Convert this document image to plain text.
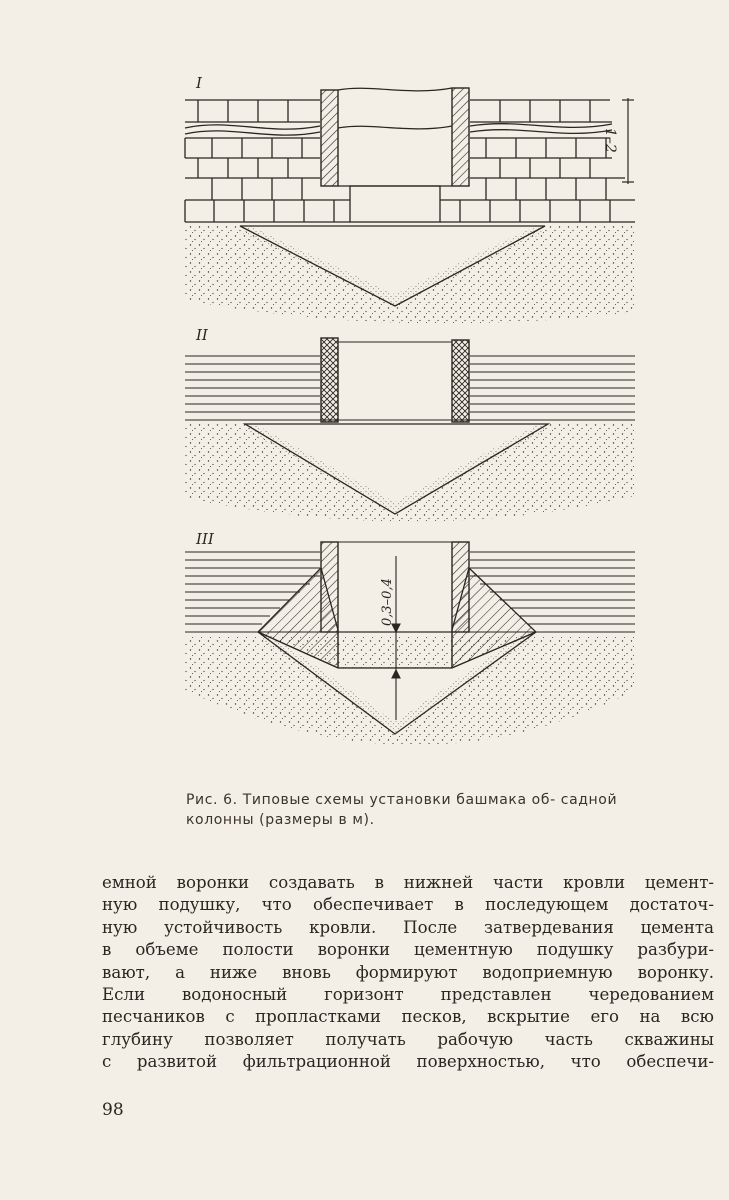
I
II
III
1–2
0,3–0,4
Рис. 6. Типовые схемы установки башмака об- садной колонны (размеры в м).
емной воронки создавать в нижней части кровли цемент-
ную подушку, что обеспечивает в последующем достаточ-
ную устойчивость кровли. После затвердевания цемента
в объеме полости воронки цементную подушку разбури-
вают, а ниже вновь формируют водоприемную воронку.
Если водоносный горизонт представлен чередованием
песчаников с пропластками песков, вскрытие его на всю
глубину позволяет получать рабочую часть скважины
с развитой фильтрационной поверхностью, что обеспечи-
98
